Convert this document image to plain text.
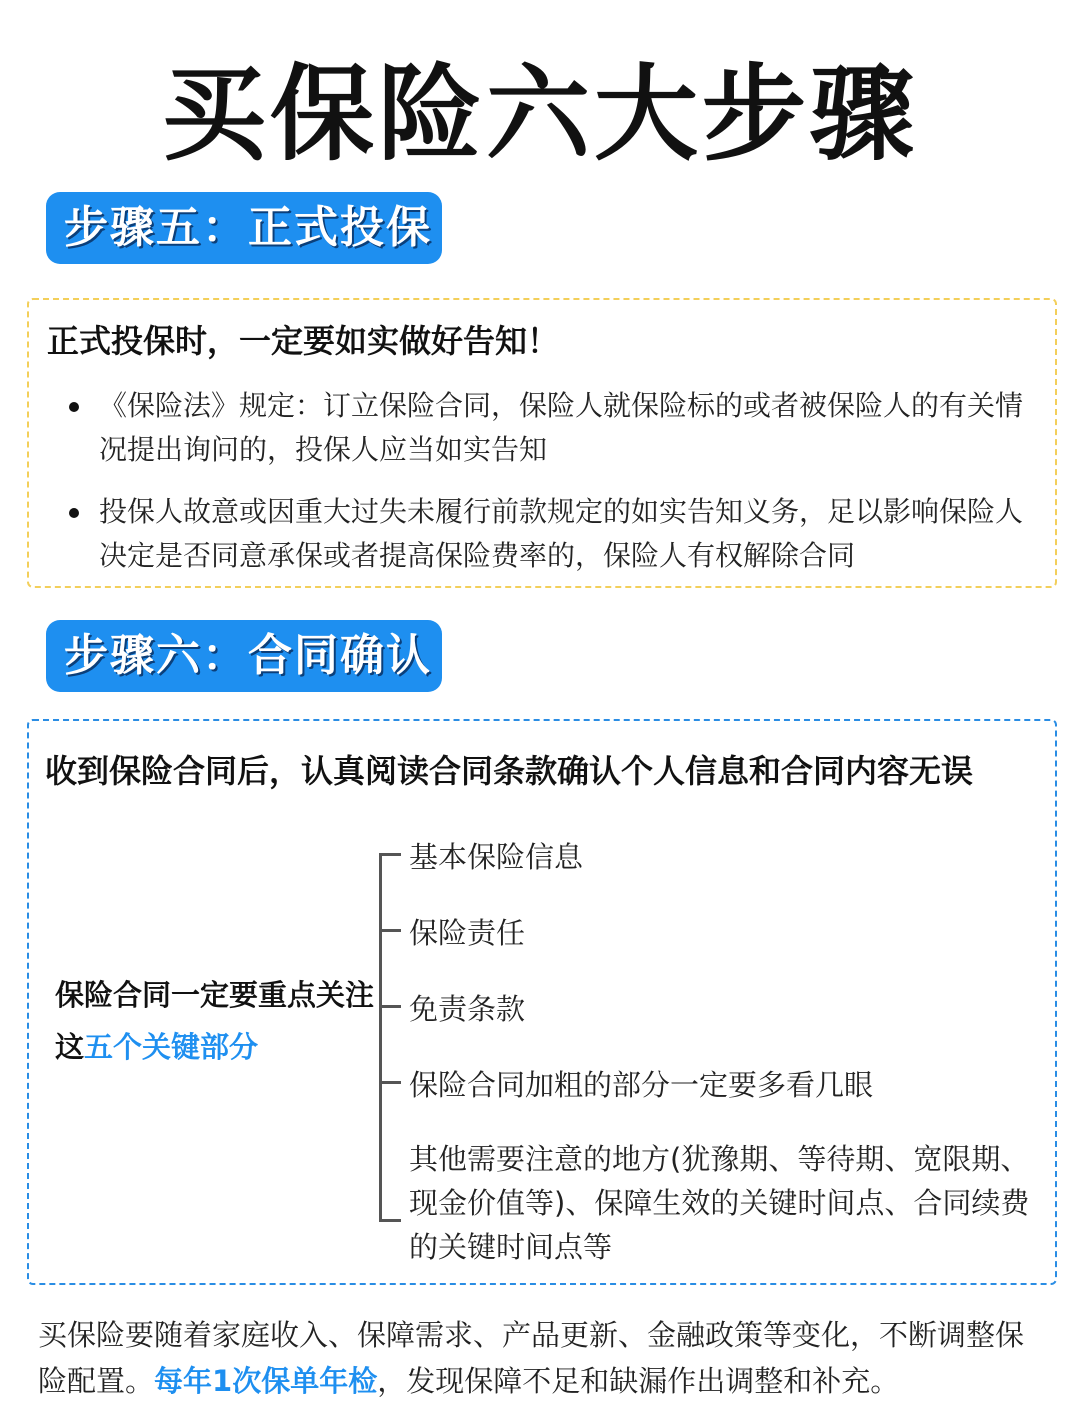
买保险六大步骤
步骤五：正式投保
正式投保时，一定要如实做好告知！
《保险法》规定：订立保险合同，保险人就保险标的或者被保险人的有关情况提出询问的，投保人应当如实告知
投保人故意或因重大过失未履行前款规定的如实告知义务，足以影响保险人决定是否同意承保或者提高保险费率的，保险人有权解除合同
步骤六：合同确认
收到保险合同后，认真阅读合同条款确认个人信息和合同内容无误
保险合同一定要重点关注这五个关键部分
基本保险信息
保险责任
免责条款
保险合同加粗的部分一定要多看几眼
其他需要注意的地方(犹豫期、等待期、宽限期、现金价值等)、保障生效的关键时间点、合同续费的关键时间点等
买保险要随着家庭收入、保障需求、产品更新、金融政策等变化，不断调整保险配置。每年1次保单年检，发现保障不足和缺漏作出调整和补充。
